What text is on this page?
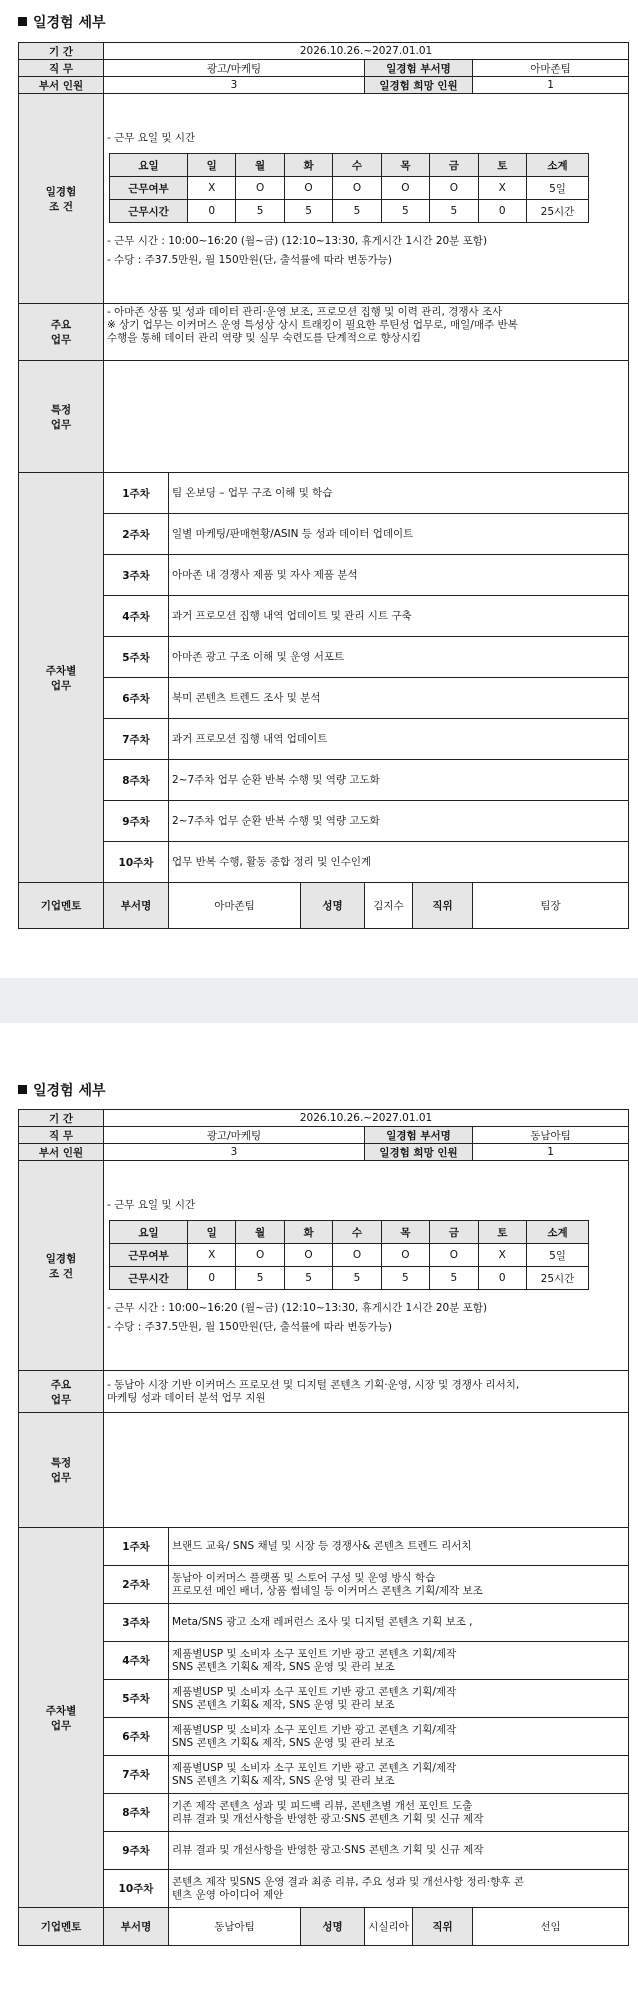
일경험 세부
기 간	2026.10.26.~2027.01.01
직 무	광고/마케팅	일경험 부서명	아마존팀
부서 인원	3	일경험 희망 인원	1

일경험
조 건

- 근무 요일 및 시간
요일	일	월	화	수	목	금	토	소계
근무여부	X	O	O	O	O	O	X	5일
근무시간	0	5	5	5	5	5	0	25시간
- 근무 시간 : 10:00~16:20 (월~금) (12:10~13:30, 휴게시간 1시간 20분 포함)
- 수당 : 주37.5만원, 월 150만원(단, 출석률에 따라 변동가능)

주요
업무

- 아마존 상품 및 성과 데이터 관리·운영 보조, 프로모션 집행 및 이력 관리, 경쟁사 조사
※ 상기 업무는 이커머스 운영 특성상 상시 트래킹이 필요한 루틴성 업무로, 매일/매주 반복
수행을 통해 데이터 관리 역량 및 실무 숙련도를 단계적으로 향상시킴

특정
업무

주차별
업무
	1주차	팀 온보딩 – 업무 구조 이해 및 학습
2주차	일별 마케팅/판매현황/ASIN 등 성과 데이터 업데이트
3주차	아마존 내 경쟁사 제품 및 자사 제품 분석
4주차	과거 프로모션 집행 내역 업데이트 및 관리 시트 구축
5주차	아마존 광고 구조 이해 및 운영 서포트
6주차	북미 콘텐츠 트렌드 조사 및 분석
7주차	과거 프로모션 집행 내역 업데이트
8주차	2~7주차 업무 순환 반복 수행 및 역량 고도화
9주차	2~7주차 업무 순환 반복 수행 및 역량 고도화
10주차	업무 반복 수행, 활동 종합 정리 및 인수인계
기업멘토	부서명	아마존팀	성명	김지수	직위	팀장
일경험 세부
기 간	2026.10.26.~2027.01.01
직 무	광고/마케팅	일경험 부서명	동남아팀
부서 인원	3	일경험 희망 인원	1

일경험
조 건

- 근무 요일 및 시간
요일	일	월	화	수	목	금	토	소계
근무여부	X	O	O	O	O	O	X	5일
근무시간	0	5	5	5	5	5	0	25시간
- 근무 시간 : 10:00~16:20 (월~금) (12:10~13:30, 휴게시간 1시간 20분 포함)
- 수당 : 주37.5만원, 월 150만원(단, 출석률에 따라 변동가능)

주요
업무

- 동남아 시장 기반 이커머스 프로모션 및 디지털 콘텐츠 기획·운영, 시장 및 경쟁사 리서치,
마케팅 성과 데이터 분석 업무 지원

특정
업무

주차별
업무
	1주차	브랜드 교육/ SNS 채널 및 시장 등 경쟁사& 콘텐츠 트렌드 리서치

2주차	
동남아 이커머스 플랫폼 및 스토어 구성 및 운영 방식 학습
프로모션 메인 배너, 상품 썸네일 등 이커머스 콘텐츠 기획/제작 보조

3주차	Meta/SNS 광고 소재 레퍼런스 조사 및 디지털 콘텐츠 기획 보조 ,

4주차	
제품별USP 및 소비자 소구 포인트 기반 광고 콘텐츠 기획/제작
SNS 콘텐츠 기획& 제작, SNS 운영 및 관리 보조

5주차	
제품별USP 및 소비자 소구 포인트 기반 광고 콘텐츠 기획/제작
SNS 콘텐츠 기획& 제작, SNS 운영 및 관리 보조

6주차	
제품별USP 및 소비자 소구 포인트 기반 광고 콘텐츠 기획/제작
SNS 콘텐츠 기획& 제작, SNS 운영 및 관리 보조

7주차	
제품별USP 및 소비자 소구 포인트 기반 광고 콘텐츠 기획/제작
SNS 콘텐츠 기획& 제작, SNS 운영 및 관리 보조

8주차	
기존 제작 콘텐츠 성과 및 피드백 리뷰, 콘텐츠별 개선 포인트 도출
리뷰 결과 및 개선사항을 반영한 광고·SNS 콘텐츠 기획 및 신규 제작

9주차	리뷰 결과 및 개선사항을 반영한 광고·SNS 콘텐츠 기획 및 신규 제작

10주차	
콘텐츠 제작 및SNS 운영 결과 최종 리뷰, 주요 성과 및 개선사항 정리·향후 콘
텐츠 운영 아이디어 제안

기업멘토	부서명	동남아팀	성명	시실리아	직위	선임
